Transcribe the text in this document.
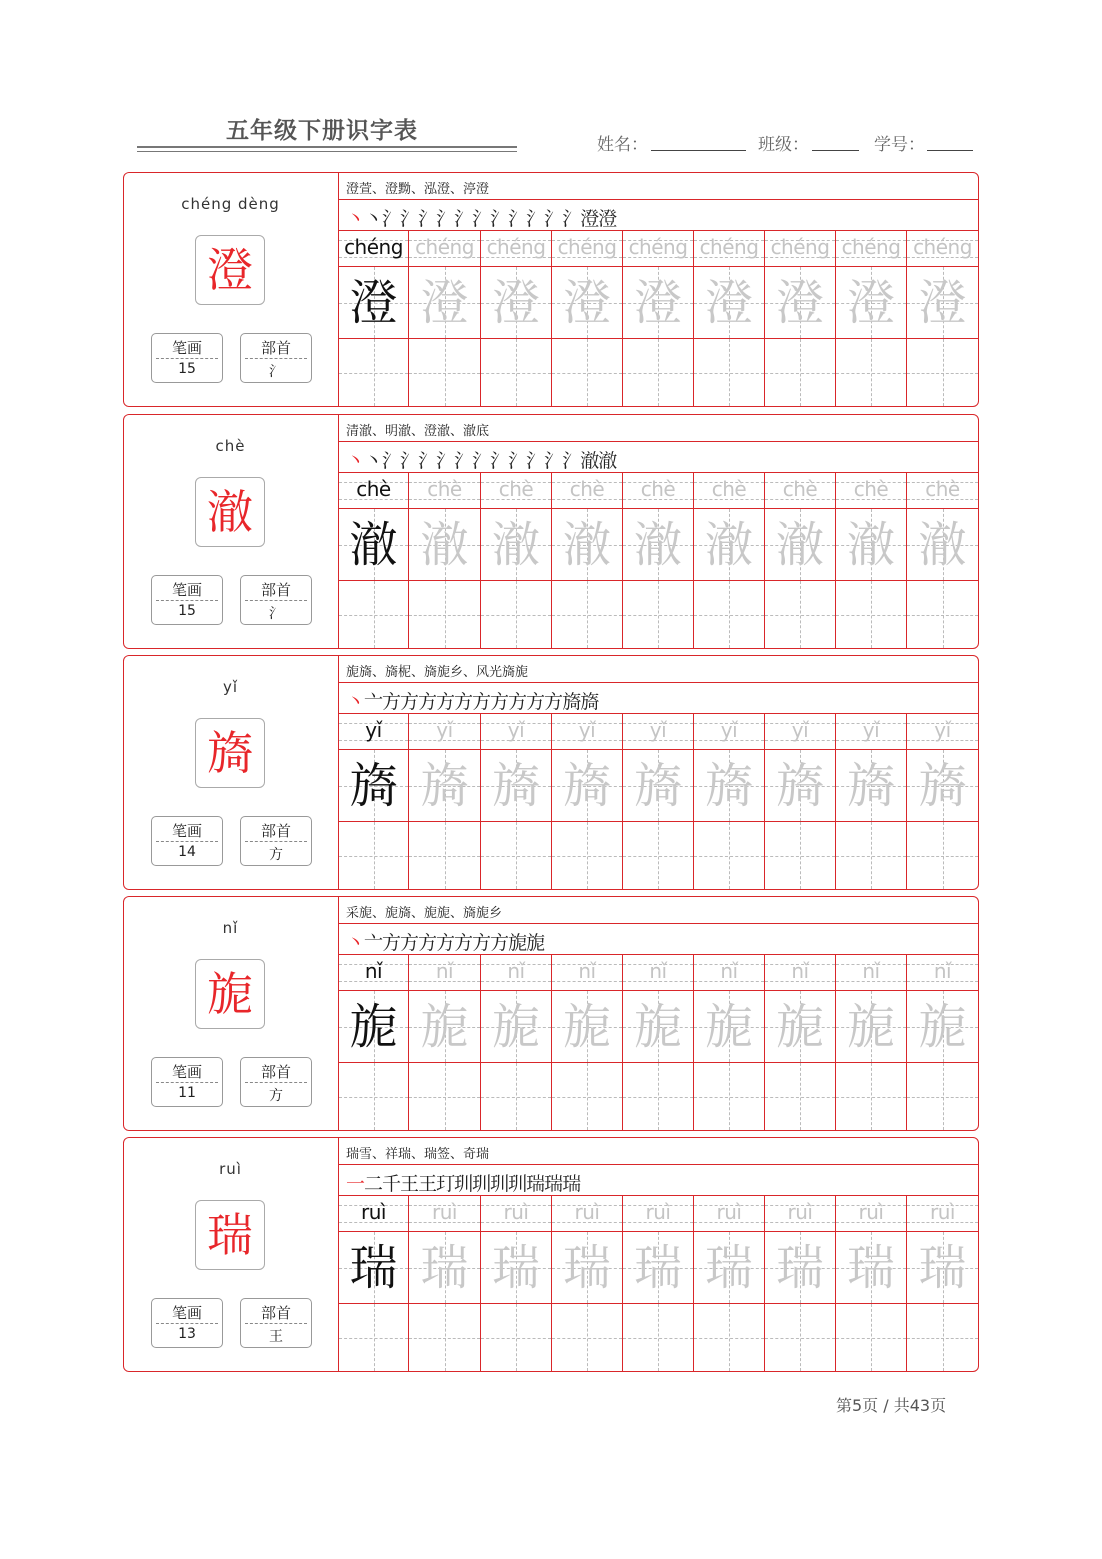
五年级下册识字表
姓名：	班级：	学号：
chéng dèng
澄
笔画
15
部首
氵
澄萱、澄黝、泓澄、渟澄
丶丶氵氵氵氵氵氵氵氵氵氵氵澄澄
chéng
澄
chéng
澄
chéng
澄
chéng
澄
chéng
澄
chéng
澄
chéng
澄
chéng
澄
chéng
澄
chè
澈
笔画
15
部首
氵
清澈、明澈、澄澈、澈底
丶丶氵氵氵氵氵氵氵氵氵氵氵澈澈
chè
澈
chè
澈
chè
澈
chè
澈
chè
澈
chè
澈
chè
澈
chè
澈
chè
澈
yǐ
旖
笔画
14
部首
方
旎旖、旖柅、旖旎乡、风光旖旎
丶亠方方方方方方方方方方旖旖
yǐ
旖
yǐ
旖
yǐ
旖
yǐ
旖
yǐ
旖
yǐ
旖
yǐ
旖
yǐ
旖
yǐ
旖
nǐ
旎
笔画
11
部首
方
采旎、旎旖、旎旎、旖旎乡
丶亠方方方方方方方旎旎
nǐ
旎
nǐ
旎
nǐ
旎
nǐ
旎
nǐ
旎
nǐ
旎
nǐ
旎
nǐ
旎
nǐ
旎
ruì
瑞
笔画
13
部首
王
瑞雪、祥瑞、瑞签、奇瑞
一二千王王玎玔玔玔玔瑞瑞瑞
ruì
瑞
ruì
瑞
ruì
瑞
ruì
瑞
ruì
瑞
ruì
瑞
ruì
瑞
ruì
瑞
ruì
瑞
第5页 / 共43页
